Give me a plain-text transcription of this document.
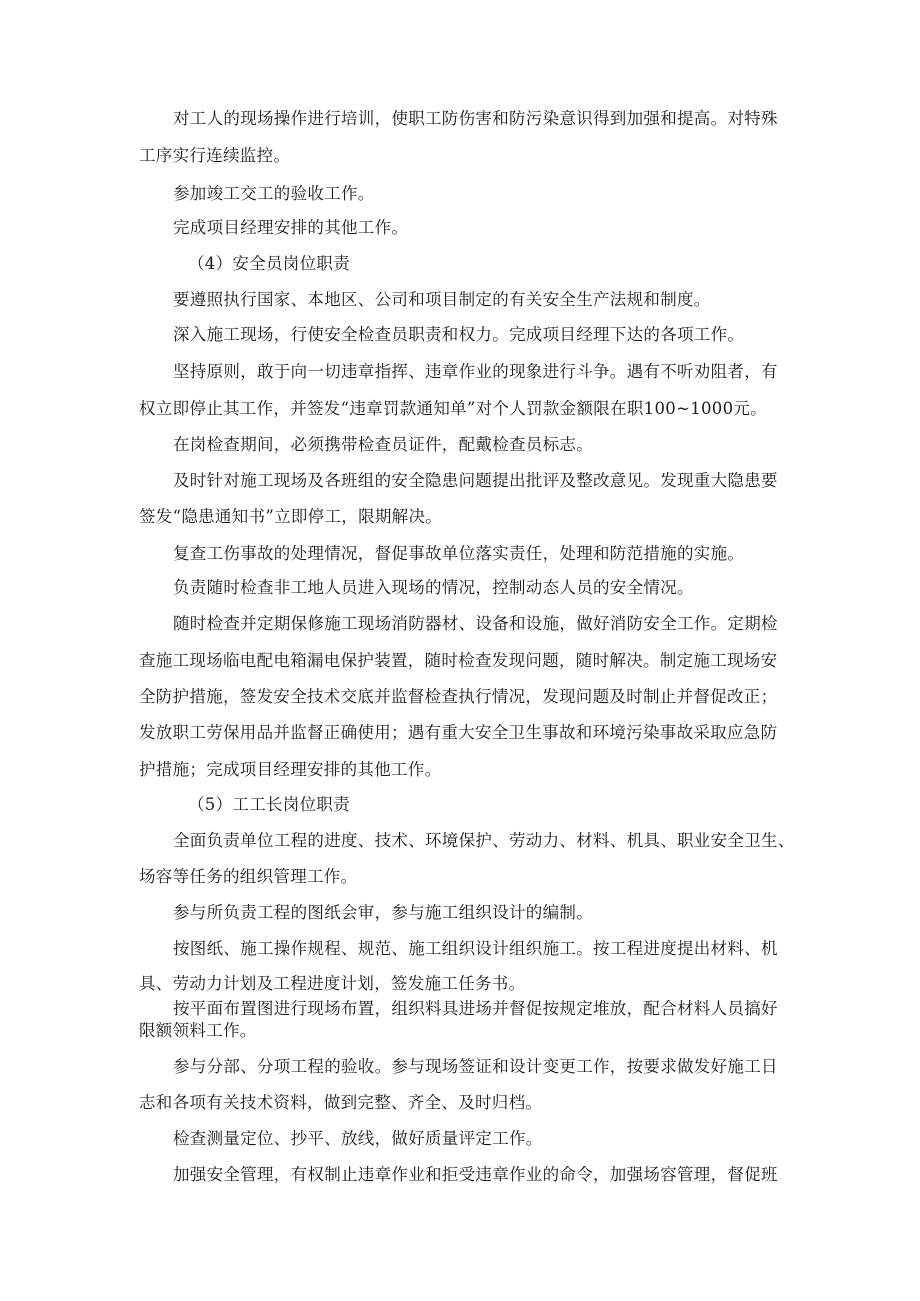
对工人的现场操作进行培训，使职工防伤害和防污染意识得到加强和提高。对特殊
工序实行连续监控。
参加竣工交工的验收工作。
完成项目经理安排的其他工作。
（4）安全员岗位职责
要遵照执行国家、本地区、公司和项目制定的有关安全生产法规和制度。
深入施工现场，行使安全检查员职责和权力。完成项目经理下达的各项工作。
坚持原则，敢于向一切违章指挥、违章作业的现象进行斗争。遇有不听劝阻者，有
权立即停止其工作，并签发“违章罚款通知单”对个人罚款金额限在职100~1000元。
在岗检查期间，必须携带检查员证件，配戴检查员标志。
及时针对施工现场及各班组的安全隐患问题提出批评及整改意见。发现重大隐患要
签发“隐患通知书”立即停工，限期解决。
复查工伤事故的处理情况，督促事故单位落实责任，处理和防范措施的实施。
负责随时检查非工地人员进入现场的情况，控制动态人员的安全情况。
随时检查并定期保修施工现场消防器材、设备和设施，做好消防安全工作。定期检
查施工现场临电配电箱漏电保护装置，随时检查发现问题，随时解决。制定施工现场安
全防护措施，签发安全技术交底并监督检查执行情况，发现问题及时制止并督促改正；
发放职工劳保用品并监督正确使用；遇有重大安全卫生事故和环境污染事故采取应急防
护措施；完成项目经理安排的其他工作。
（5）工工长岗位职责
全面负责单位工程的进度、技术、环境保护、劳动力、材料、机具、职业安全卫生、
场容等任务的组织管理工作。
参与所负责工程的图纸会审，参与施工组织设计的编制。
按图纸、施工操作规程、规范、施工组织设计组织施工。按工程进度提出材料、机
具、劳动力计划及工程进度计划，签发施工任务书。
按平面布置图进行现场布置，组织料具进场并督促按规定堆放，配合材料人员搞好
限额领料工作。
参与分部、分项工程的验收。参与现场签证和设计变更工作，按要求做发好施工日
志和各项有关技术资料，做到完整、齐全、及时归档。
检查测量定位、抄平、放线，做好质量评定工作。
加强安全管理，有权制止违章作业和拒受违章作业的命令，加强场容管理，督促班
